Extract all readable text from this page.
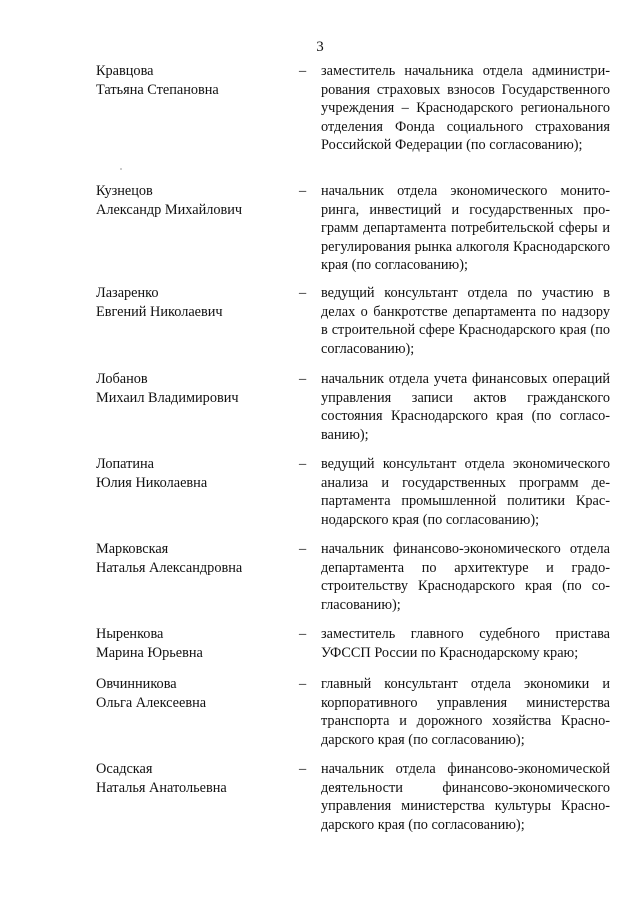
3
Кравцова
Татьяна Степановна
– заместитель начальника отдела администрирования страховых взносов Государственного учреждения – Краснодарского регионального отделения Фонда социального страхования Российской Федерации (по согласованию);
Кузнецов
Александр Михайлович
– начальник отдела экономического мониторинга, инвестиций и государственных программ департамента потребительской сферы и регулирования рынка алкоголя Краснодарского края (по согласованию);
Лазаренко
Евгений Николаевич
– ведущий консультант отдела по участию в делах о банкротстве департамента по надзору в строительной сфере Краснодарского края (по согласованию);
Лобанов
Михаил Владимирович
– начальник отдела учета финансовых операций управления записи актов гражданского состояния Краснодарского края (по согласованию);
Лопатина
Юлия Николаевна
– ведущий консультант отдела экономического анализа и государственных программ департамента промышленной политики Краснодарского края (по согласованию);
Марковская
Наталья Александровна
– начальник финансово-экономического отдела департамента по архитектуре и градостроительству Краснодарского края (по согласованию);
Ныренкова
Марина Юрьевна
– заместитель главного судебного пристава УФССП России по Краснодарскому краю;
Овчинникова
Ольга Алексеевна
– главный консультант отдела экономики и корпоративного управления министерства транспорта и дорожного хозяйства Краснодарского края (по согласованию);
Осадская
Наталья Анатольевна
– начальник отдела финансово-экономической деятельности финансово-экономического управления министерства культуры Краснодарского края (по согласованию);
